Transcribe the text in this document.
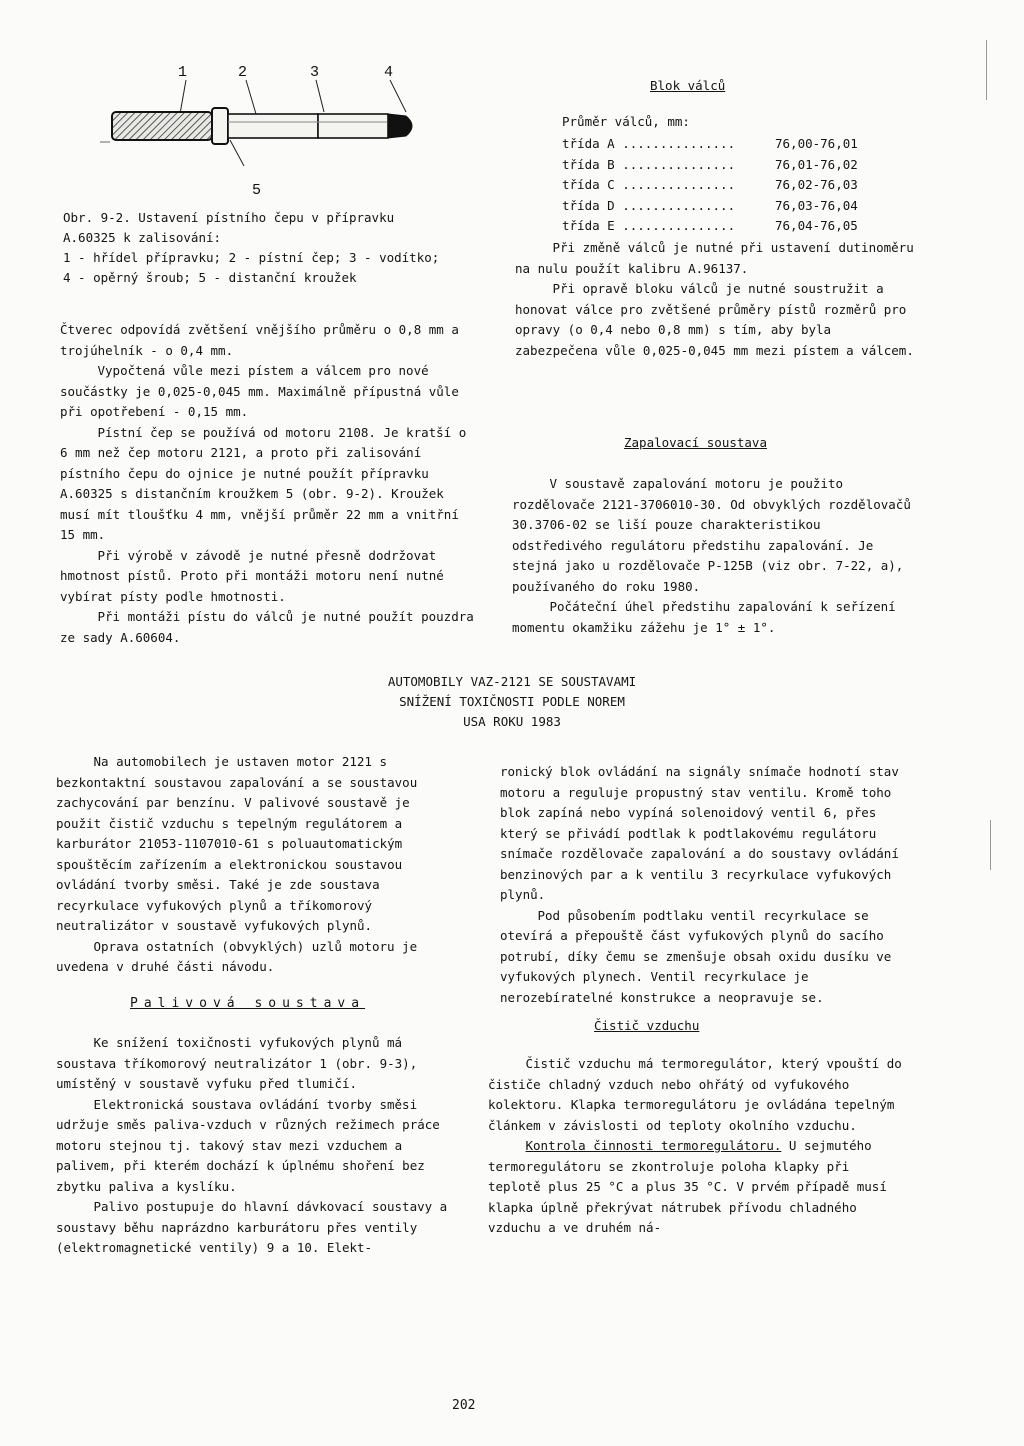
1	2	3	4
5

Obr. 9-2. Ustavení pístního čepu v přípravku

A.60325 k zalisování:

1 - hřídel přípravku; 2 - pístní čep; 3 - vodítko;

4 - opěrný šroub; 5 - distanční kroužek

Čtverec odpovídá zvětšení vnějšího průměru o 0,8 mm a trojúhelník - o 0,4 mm.

Vypočtená vůle mezi pístem a válcem pro nové součástky je 0,025-0,045 mm. Maximálně přípustná vůle při opotřebení - 0,15 mm.

Pístní čep se používá od motoru 2108. Je kratší o 6 mm než čep motoru 2121, a proto při zalisování pístního čepu do ojnice je nutné použít přípravku A.60325 s distančním kroužkem 5 (obr. 9-2). Kroužek musí mít tloušťku 4 mm, vnější průměr 22 mm a vnitřní 15 mm.

Při výrobě v závodě je nutné přesně dodržovat hmotnost pístů. Proto při montáži motoru není nutné vybírat písty podle hmotnosti.

Při montáži pístu do válců je nutné použít pouzdra ze sady A.60604.

Blok válců
Průměr válců, mm:

třída A ...............	76,00-76,01

třída B ...............	76,01-76,02

třída C ...............	76,02-76,03

třída D ...............	76,03-76,04

třída E ...............	76,04-76,05

Při změně válců je nutné při ustavení dutinoměru na nulu použít kalibru A.96137.

Při opravě bloku válců je nutné soustružit a honovat válce pro zvětšené průměry pístů rozměrů pro opravy (o 0,4 nebo 0,8 mm) s tím, aby byla zabezpečena vůle 0,025-0,045 mm mezi pístem a válcem.

Zapalovací soustava

V soustavě zapalování motoru je použito rozdělovače 2121-3706010-30. Od obvyklých rozdělovačů 30.3706-02 se liší pouze charakteristikou odstředivého regulátoru předstihu zapalování. Je stejná jako u rozdělovače P-125B (viz obr. 7-22, a), používaného do roku 1980.

Počáteční úhel předstihu zapalování k seřízení momentu okamžiku zážehu je 1° ± 1°.

AUTOMOBILY VAZ-2121 SE SOUSTAVAMI

SNÍŽENÍ TOXIČNOSTI PODLE NOREM

USA ROKU 1983

Na automobilech je ustaven motor 2121 s bezkontaktní soustavou zapalování a se soustavou zachycování par benzínu. V palivové soustavě je použit čistič vzduchu s tepelným regulátorem a karburátor 21053-1107010-61 s poluautomatickým spouštěcím zařízením a elektronickou soustavou ovládání tvorby směsi. Také je zde soustava recyrkulace vyfukových plynů a tříkomorový neutralizátor v soustavě vyfukových plynů.

Oprava ostatních (obvyklých) uzlů motoru je uvedena v druhé části návodu.

Palivová soustava

Ke snížení toxičnosti vyfukových plynů má soustava tříkomorový neutralizátor 1 (obr. 9-3), umístěný v soustavě vyfuku před tlumičí.

Elektronická soustava ovládání tvorby směsi udržuje směs paliva-vzduch v různých režimech práce motoru stejnou tj. takový stav mezi vzduchem a palivem, při kterém dochází k úplnému shoření bez zbytku paliva a kyslíku.

Palivo postupuje do hlavní dávkovací soustavy a soustavy běhu naprázdno karburátoru přes ventily (elektromagnetické ventily) 9 a 10. Elekt-

ronický blok ovládání na signály snímače hodnotí stav motoru a reguluje propustný stav ventilu. Kromě toho blok zapíná nebo vypíná solenoidový ventil 6, přes který se přivádí podtlak k podtlakovému regulátoru snímače rozdělovače zapalování a do soustavy ovládání benzinových par a k ventilu 3 recyrkulace vyfukových plynů.

Pod působením podtlaku ventil recyrkulace se otevírá a přepouště část vyfukových plynů do sacího potrubí, díky čemu se zmenšuje obsah oxidu dusíku ve vyfukových plynech. Ventil recyrkulace je nerozebíratelné konstrukce a neopravuje se.

Čistič vzduchu

Čistič vzduchu má termoregulátor, který vpouští do čističe chladný vzduch nebo ohřátý od vyfukového kolektoru. Klapka termoregulátoru je ovládána tepelným článkem v závislosti od teploty okolního vzduchu.

Kontrola činnosti termoregulátoru. U sejmutého termoregulátoru se zkontroluje poloha klapky při teplotě plus 25 °C a plus 35 °C. V prvém případě musí klapka úplně překrývat nátrubek přívodu chladného vzduchu a ve druhém ná-

202
